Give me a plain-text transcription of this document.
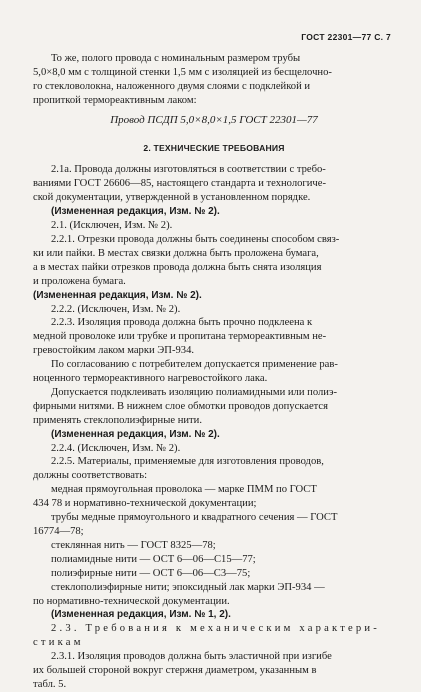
ГОСТ 22301—77 С. 7

То же, полого провода с номинальным размером трубы
5,0×8,0 мм с толщиной стенки 1,5 мм с изоляцией из бесщелочно-
го стекловолокна, наложенного двумя слоями с подклейкой и
пропиткой термореактивным лаком:

Провод ПСДП 5,0×8,0×1,5 ГОСТ 22301—77

2. ТЕХНИЧЕСКИЕ ТРЕБОВАНИЯ

2.1а. Провода должны изготовляться в соответствии с требо-
ваниями ГОСТ 26606—85, настоящего стандарта и технологиче-
ской документации, утвержденной в установленном порядке.

(Измененная редакция, Изм. № 2).

2.1. (Исключен, Изм. № 2).

2.2.1. Отрезки провода должны быть соединены способом связ-
ки или пайки. В местах связки должна быть проложена бумага,
а в местах пайки отрезков провода должна быть снята изоляция
и проложена бумага.

(Измененная редакция, Изм. № 2).

2.2.2. (Исключен, Изм. № 2).

2.2.3. Изоляция провода должна быть прочно подклеена к
медной проволоке или трубке и пропитана термореактивным не-
гревостойким лаком марки ЭП-934.

По согласованию с потребителем допускается применение рав-
ноценного термореактивного нагревостойкого лака.

Допускается подклеивать изоляцию полиамидными или полиэ-
фирными нитями. В нижнем слое обмотки проводов допускается
применять стеклополиэфирные нити.

(Измененная редакция, Изм. № 2).

2.2.4. (Исключен, Изм. № 2).

2.2.5. Материалы, применяемые для изготовления проводов,
должны соответствовать:

медная прямоугольная проволока — марке ПММ по ГОСТ
434 78 и нормативно-технической документации;

трубы медные прямоугольного и квадратного сечения — ГОСТ
16774—78;

стеклянная нить — ГОСТ 8325—78;

полиамидные нити — ОСТ 6—06—С15—77;

полиэфирные нити — ОСТ 6—06—С3—75;

стеклополиэфирные нити; эпоксидный лак марки ЭП-934 —
по нормативно-технической документации.

(Измененная редакция, Изм. № 1, 2).

2.3. Требования к механическим характери-
стикам

2.3.1. Изоляция проводов должна быть эластичной при изгибе
их большей стороной вокруг стержня диаметром, указанным в
табл. 5.
